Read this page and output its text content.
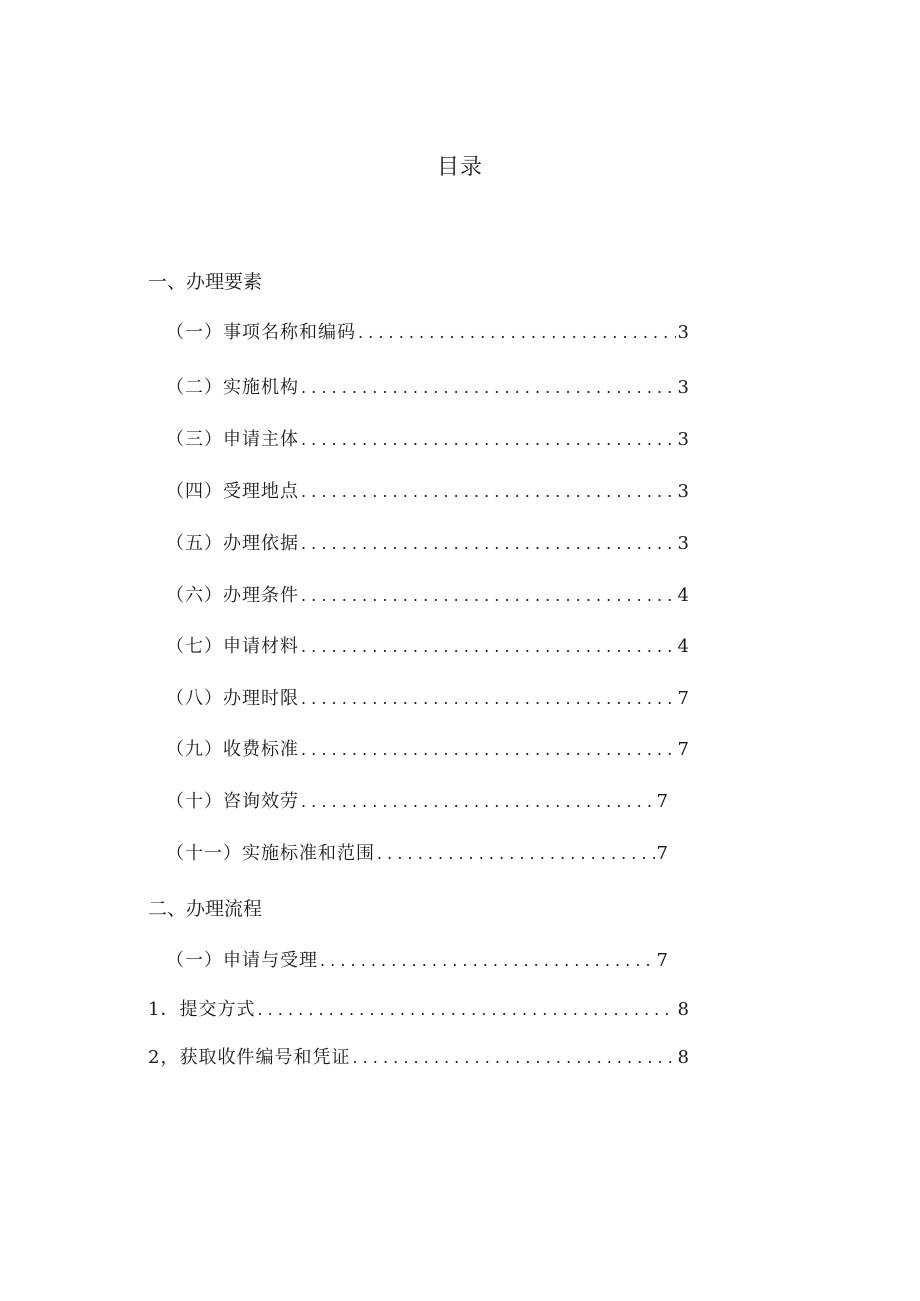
目录
一、办理要素
（一）事项名称和编码 . . .	3
（二）实施机构 . . .	3
（三）申请主体 . . .	3
（四）受理地点 . . .	3
（五）办理依据 . . .	3
（六）办理条件 . . .	4
（七）申请材料 . . .	4
（八）办理时限 . . .	7
（九）收费标准 . . .	7
（十）咨询效劳 . . .	7
（十一）实施标准和范围 . . .	7
二、办理流程
（一）申请与受理 . . .	7
1．提交方式 . . .	8
2，获取收件编号和凭证 . . .	8
